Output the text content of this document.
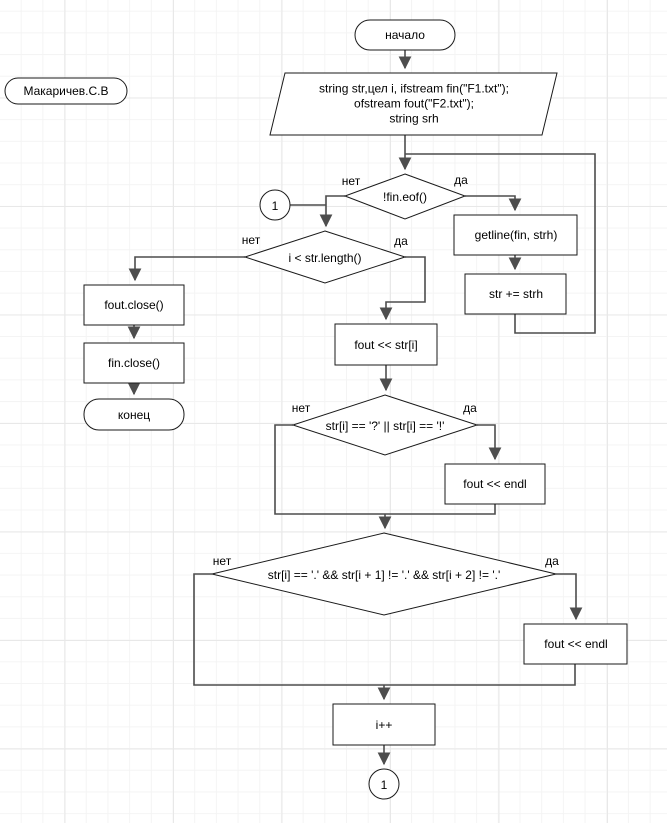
начало
Макаричев.С.В	string str,цел i, ifstream fin("F1.txt");
ofstream fout("F2.txt");
string srh
!fin.eof()
getline(fin, strh)
str += strh
i < str.length()
fout.close()
fin.close()
конец
fout << str[i]
str[i] == '?' || str[i] == '!'
fout << endl
str[i] == '.' && str[i + 1] != '.' && str[i + 2] != '.'
fout << endl
i++
1
1
нет	да
нет	да
нет	да
нет	да
